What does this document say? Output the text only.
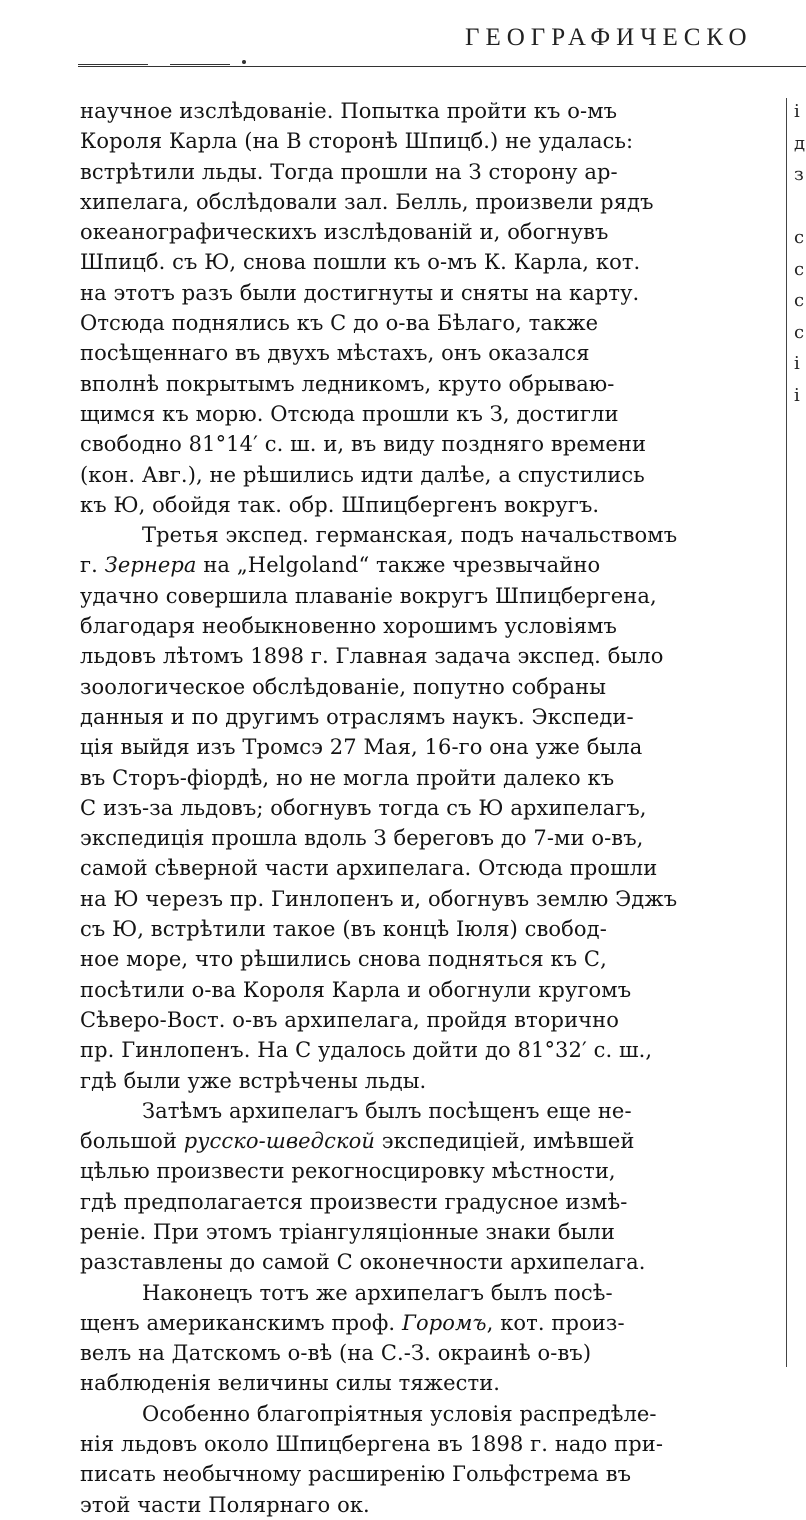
ГЕОГРАФИЧЕСКО
і
д
з
с
с
с
с
і
і
научное изслѣдованіе. Попытка пройти къ о-мъ
Короля Карла (на В сторонѣ Шпицб.) не удалась:
встрѣтили льды. Тогда прошли на З сторону ар-
хипелага, обслѣдовали зал. Белль, произвели рядъ
океанографическихъ изслѣдованій и, обогнувъ
Шпицб. съ Ю, снова пошли къ о-мъ К. Карла, кот.
на этотъ разъ были достигнуты и сняты на карту.
Отсюда поднялись къ С до о-ва Бѣлаго, также
посѣщеннаго въ двухъ мѣстахъ, онъ оказался
вполнѣ покрытымъ ледникомъ, круто обрываю-
щимся къ морю. Отсюда прошли къ З, достигли
свободно 81°14′ с. ш. и, въ виду поздняго времени
(кон. Авг.), не рѣшились идти далѣе, а спустились
къ Ю, обойдя так. обр. Шпицбергенъ вокругъ.
Третья экспед. германская, подъ начальствомъ
г. Зернера на „Helgoland“ также чрезвычайно
удачно совершила плаваніе вокругъ Шпицбергена,
благодаря необыкновенно хорошимъ условіямъ
льдовъ лѣтомъ 1898 г. Главная задача экспед. было
зоологическое обслѣдованіе, попутно собраны
данныя и по другимъ отраслямъ наукъ. Экспеди-
ція выйдя изъ Тромсэ 27 Мая, 16-го она уже была
въ Сторъ-фіордѣ, но не могла пройти далеко къ
С изъ-за льдовъ; обогнувъ тогда съ Ю архипелагъ,
экспедиція прошла вдоль З береговъ до 7-ми о-въ,
самой сѣверной части архипелага. Отсюда прошли
на Ю черезъ пр. Гинлопенъ и, обогнувъ землю Эджъ
съ Ю, встрѣтили такое (въ концѣ Іюля) свобод-
ное море, что рѣшились снова подняться къ С,
посѣтили о-ва Короля Карла и обогнули кругомъ
Сѣверо-Вост. о-въ архипелага, пройдя вторично
пр. Гинлопенъ. На С удалось дойти до 81°32′ с. ш.,
гдѣ были уже встрѣчены льды.
Затѣмъ архипелагъ былъ посѣщенъ еще не-
большой русско-шведской экспедиціей, имѣвшей
цѣлью произвести рекогносцировку мѣстности,
гдѣ предполагается произвести градусное измѣ-
реніе. При этомъ тріангуляціонные знаки были
разставлены до самой С оконечности архипелага.
Наконецъ тотъ же архипелагъ былъ посѣ-
щенъ американскимъ проф. Горомъ, кот. произ-
велъ на Датскомъ о-вѣ (на С.-З. окраинѣ о-въ)
наблюденія величины силы тяжести.
Особенно благопріятныя условія распредѣле-
нія льдовъ около Шпицбергена въ 1898 г. надо при-
писать необычному расширенію Гольфстрема въ
этой части Полярнаго ок.
